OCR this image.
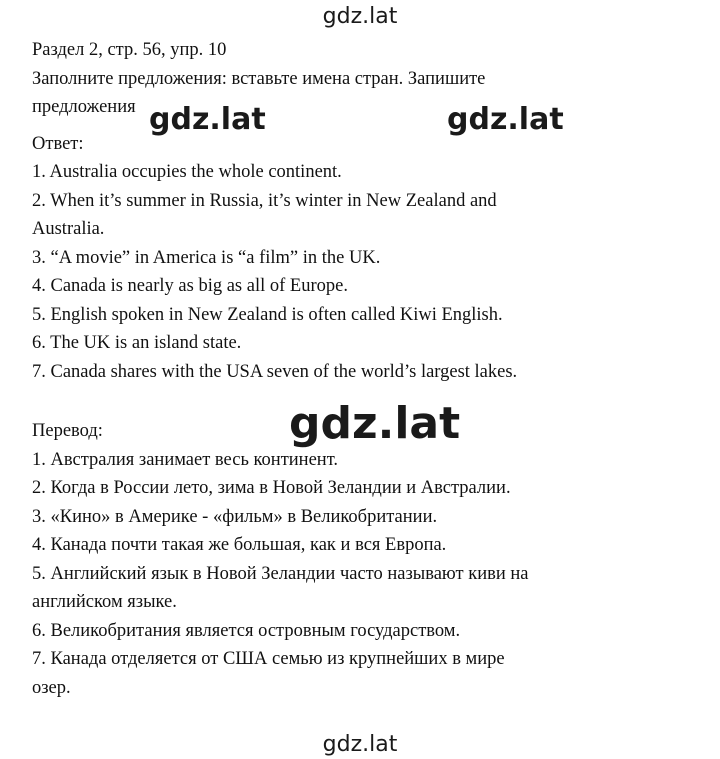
gdz.lat
Раздел 2, стр. 56, упр. 10
Заполните предложения: вставьте имена стран. Запишите
предложения
Ответ:
1. Australia occupies the whole continent.
2. When it’s summer in Russia, it’s winter in New Zealand and
Australia.
3. “A movie” in America is “a film” in the UK.
4. Canada is nearly as big as all of Europe.
5. English spoken in New Zealand is often called Kiwi English.
6. The UK is an island state.
7. Canada shares with the USA seven of the world’s largest lakes.
Перевод:
1. Австралия занимает весь континент.
2. Когда в России лето, зима в Новой Зеландии и Австралии.
3. «Кино» в Америке - «фильм» в Великобритании.
4. Канада почти такая же большая, как и вся Европа.
5. Английский язык в Новой Зеландии часто называют киви на
английском языке.
6. Великобритания является островным государством.
7. Канада отделяется от США семью из крупнейших в мире
озер.
gdz.lat	gdz.lat
gdz.lat
gdz.lat
